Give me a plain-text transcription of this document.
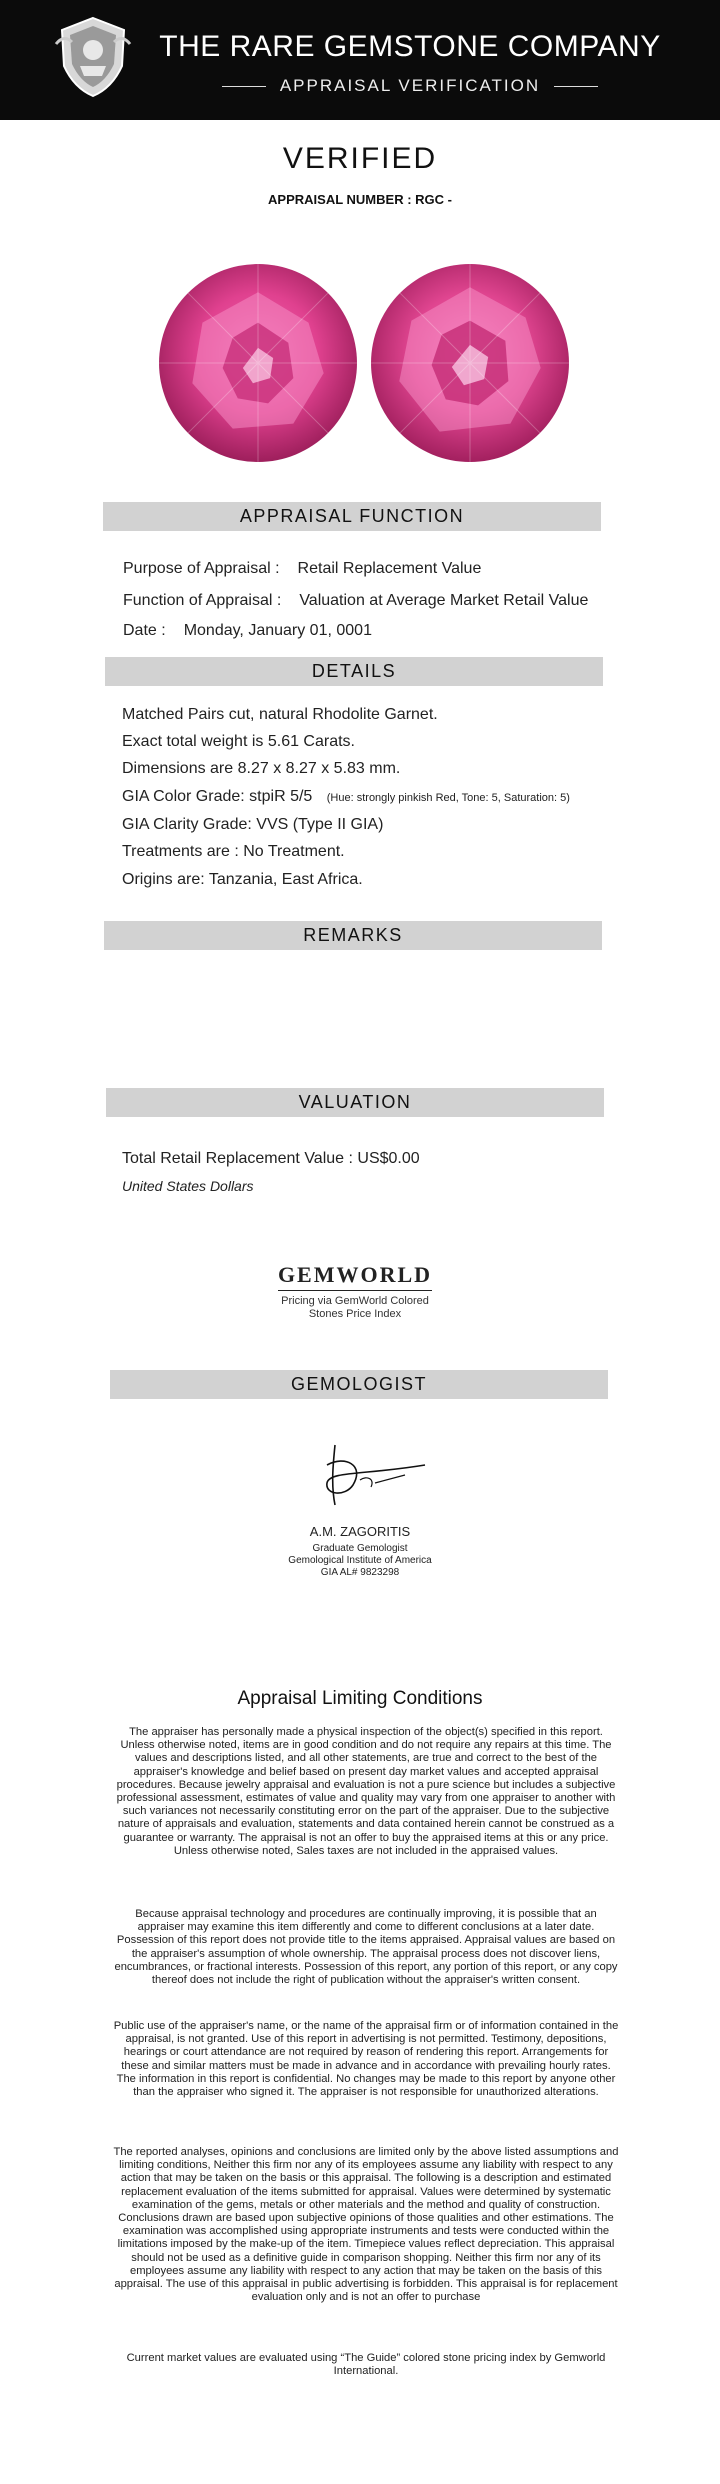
THE RARE GEMSTONE COMPANY
APPRAISAL VERIFICATION
VERIFIED
APPRAISAL NUMBER : RGC -
APPRAISAL FUNCTION
Purpose of Appraisal : Retail Replacement Value
Function of Appraisal : Valuation at Average Market Retail Value
Date : Monday, January 01, 0001
DETAILS
Matched Pairs cut, natural Rhodolite Garnet.
Exact total weight is 5.61 Carats.
Dimensions are 8.27 x 8.27 x 5.83 mm.
GIA Color Grade: stpiR 5/5 (Hue: strongly pinkish Red, Tone: 5, Saturation: 5)
GIA Clarity Grade: VVS (Type II GIA)
Treatments are : No Treatment.
Origins are: Tanzania, East Africa.
REMARKS
VALUATION
Total Retail Replacement Value : US$0.00
United States Dollars
GEMWORLD
Pricing via GemWorld Colored
Stones Price Index
GEMOLOGIST
A.M. ZAGORITIS
Graduate Gemologist
Gemological Institute of America
GIA AL# 9823298
Appraisal Limiting Conditions
The appraiser has personally made a physical inspection of the object(s) specified in this report. Unless otherwise noted, items are in good condition and do not require any repairs at this time. The values and descriptions listed, and all other statements, are true and correct to the best of the appraiser's knowledge and belief based on present day market values and accepted appraisal procedures. Because jewelry appraisal and evaluation is not a pure science but includes a subjective professional assessment, estimates of value and quality may vary from one appraiser to another with such variances not necessarily constituting error on the part of the appraiser. Due to the subjective nature of appraisals and evaluation, statements and data contained herein cannot be construed as a guarantee or warranty. The appraisal is not an offer to buy the appraised items at this or any price. Unless otherwise noted, Sales taxes are not included in the appraised values.
Because appraisal technology and procedures are continually improving, it is possible that an appraiser may examine this item differently and come to different conclusions at a later date. Possession of this report does not provide title to the items appraised. Appraisal values are based on the appraiser's assumption of whole ownership. The appraisal process does not discover liens, encumbrances, or fractional interests. Possession of this report, any portion of this report, or any copy thereof does not include the right of publication without the appraiser's written consent.
Public use of the appraiser's name, or the name of the appraisal firm or of information contained in the appraisal, is not granted. Use of this report in advertising is not permitted. Testimony, depositions, hearings or court attendance are not required by reason of rendering this report. Arrangements for these and similar matters must be made in advance and in accordance with prevailing hourly rates. The information in this report is confidential. No changes may be made to this report by anyone other than the appraiser who signed it. The appraiser is not responsible for unauthorized alterations.
The reported analyses, opinions and conclusions are limited only by the above listed assumptions and limiting conditions, Neither this firm nor any of its employees assume any liability with respect to any action that may be taken on the basis or this appraisal. The following is a description and estimated replacement evaluation of the items submitted for appraisal. Values were determined by systematic examination of the gems, metals or other materials and the method and quality of construction. Conclusions drawn are based upon subjective opinions of those qualities and other estimations. The examination was accomplished using appropriate instruments and tests were conducted within the limitations imposed by the make-up of the item. Timepiece values reflect depreciation. This appraisal should not be used as a definitive guide in comparison shopping. Neither this firm nor any of its employees assume any liability with respect to any action that may be taken on the basis of this appraisal. The use of this appraisal in public advertising is forbidden. This appraisal is for replacement evaluation only and is not an offer to purchase
Current market values are evaluated using “The Guide” colored stone pricing index by Gemworld International.
